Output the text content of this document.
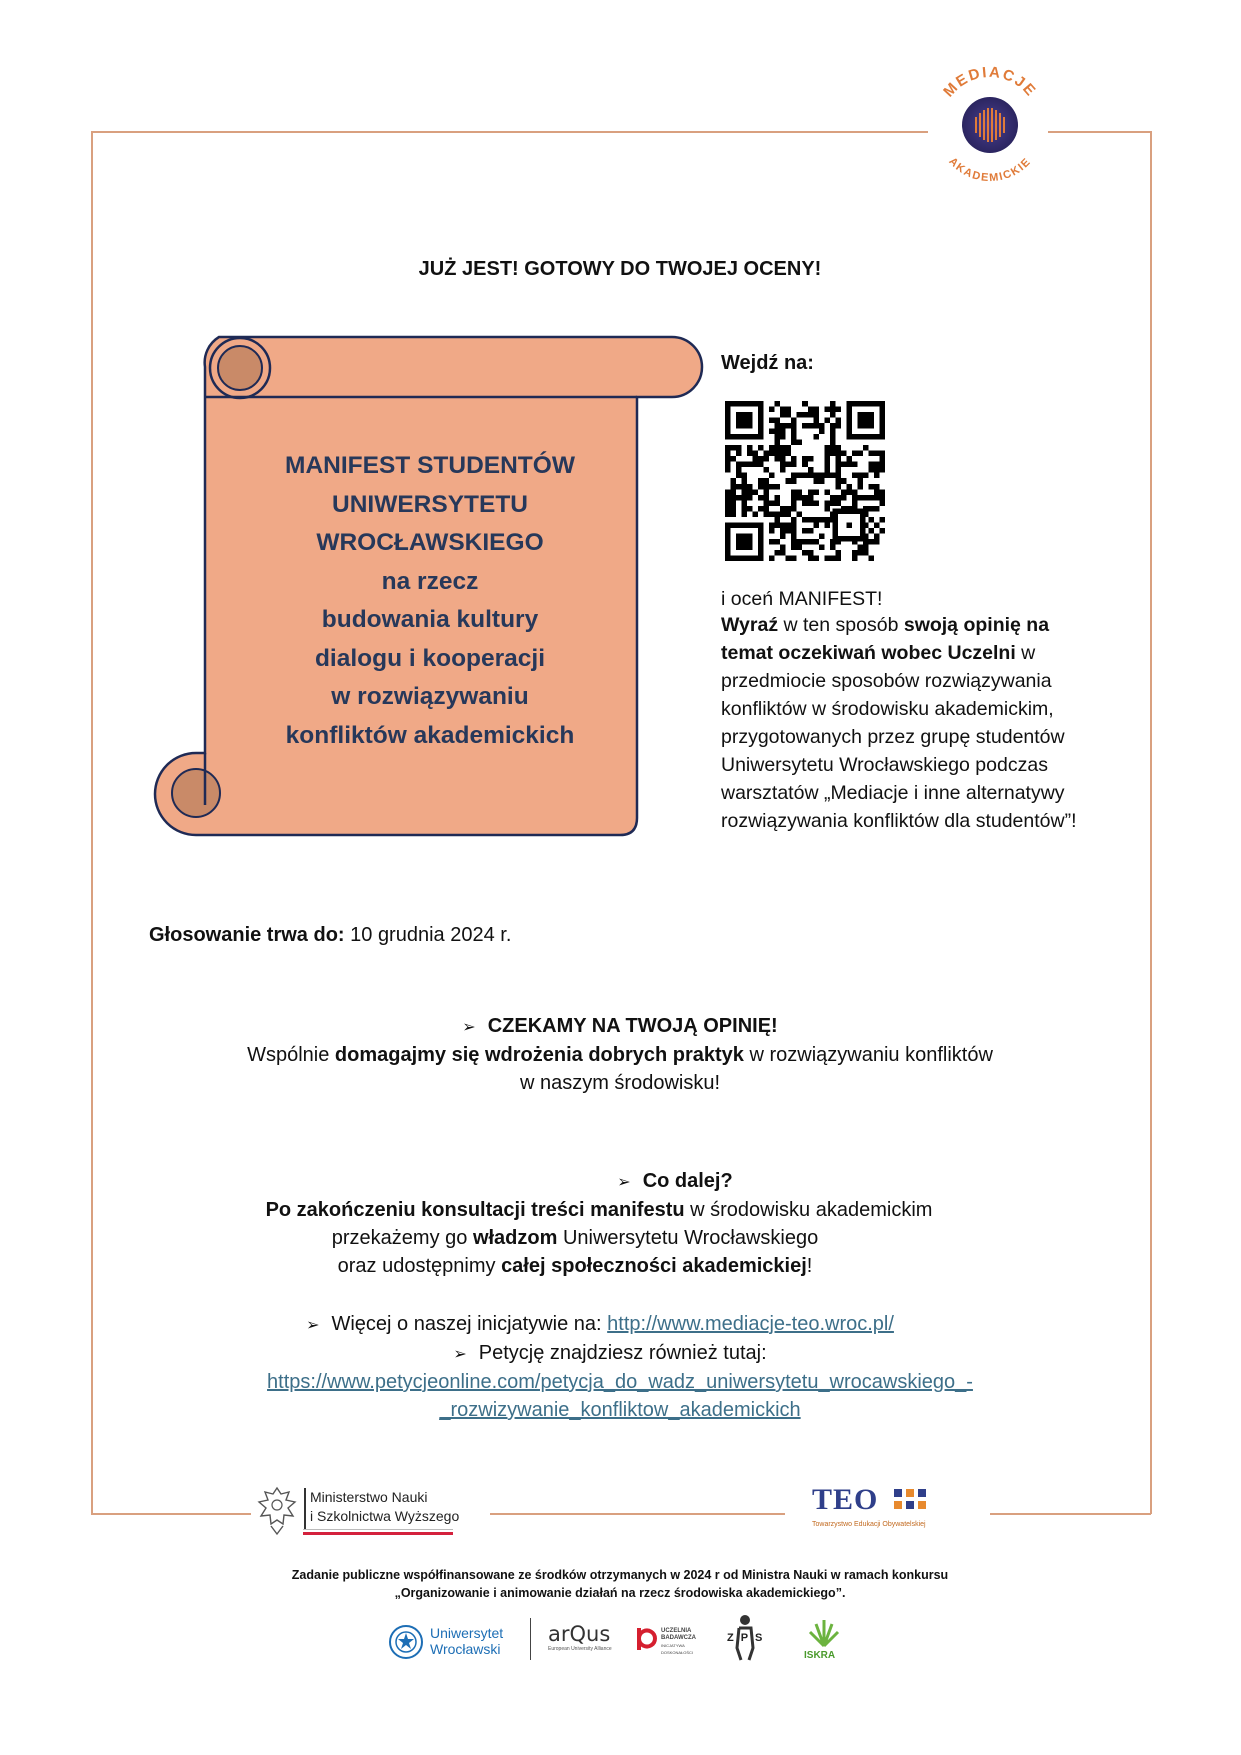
MEDIACJE
AKADEMICKIE
JUŻ JEST! GOTOWY DO TWOJEJ OCENY!
MANIFEST STUDENTÓW
UNIWERSYTETU
WROCŁAWSKIEGO
na rzecz
budowania kultury
dialogu i kooperacji
w rozwiązywaniu
konfliktów akademickich
Wejdź na:
i oceń MANIFEST!
Wyraź w ten sposób swoją opinię na temat oczekiwań wobec Uczelni w przedmiocie sposobów rozwiązywania konfliktów w środowisku akademickim, przygotowanych przez grupę studentów Uniwersytetu Wrocławskiego podczas warsztatów „Mediacje i inne alternatywy rozwiązywania konfliktów dla studentów”!
Głosowanie trwa do: 10 grudnia 2024 r.
➢ CZEKAMY NA TWOJĄ OPINIĘ!
Wspólnie domagajmy się wdrożenia dobrych praktyk w rozwiązywaniu konfliktów
w naszym środowisku!
➢ Co dalej?
Po zakończeniu konsultacji treści manifestu w środowisku akademickim
przekażemy go władzom Uniwersytetu Wrocławskiego
oraz udostępnimy całej społeczności akademickiej!
➢ Więcej o naszej inicjatywie na: http://www.mediacje-teo.wroc.pl/
➢ Petycję znajdziesz również tutaj:
https://www.petycjeonline.com/petycja_do_wadz_uniwersytetu_wrocawskiego_-
_rozwizywanie_konfliktow_akademickich
Ministerstwo Nauki
i Szkolnictwa Wyższego	TEO
Towarzystwo Edukacji Obywatelskiej
Zadanie publiczne współfinansowane ze środków otrzymanych w 2024 r od Ministra Nauki w ramach konkursu
„Organizowanie i animowanie działań na rzecz środowiska akademickiego”.
Uniwersytet
Wrocławski
arQus
European University Alliance
UCZELNIA
BADAWCZA
INICJATYWA DOSKONAŁOŚCI
ZPS
ISKRA
